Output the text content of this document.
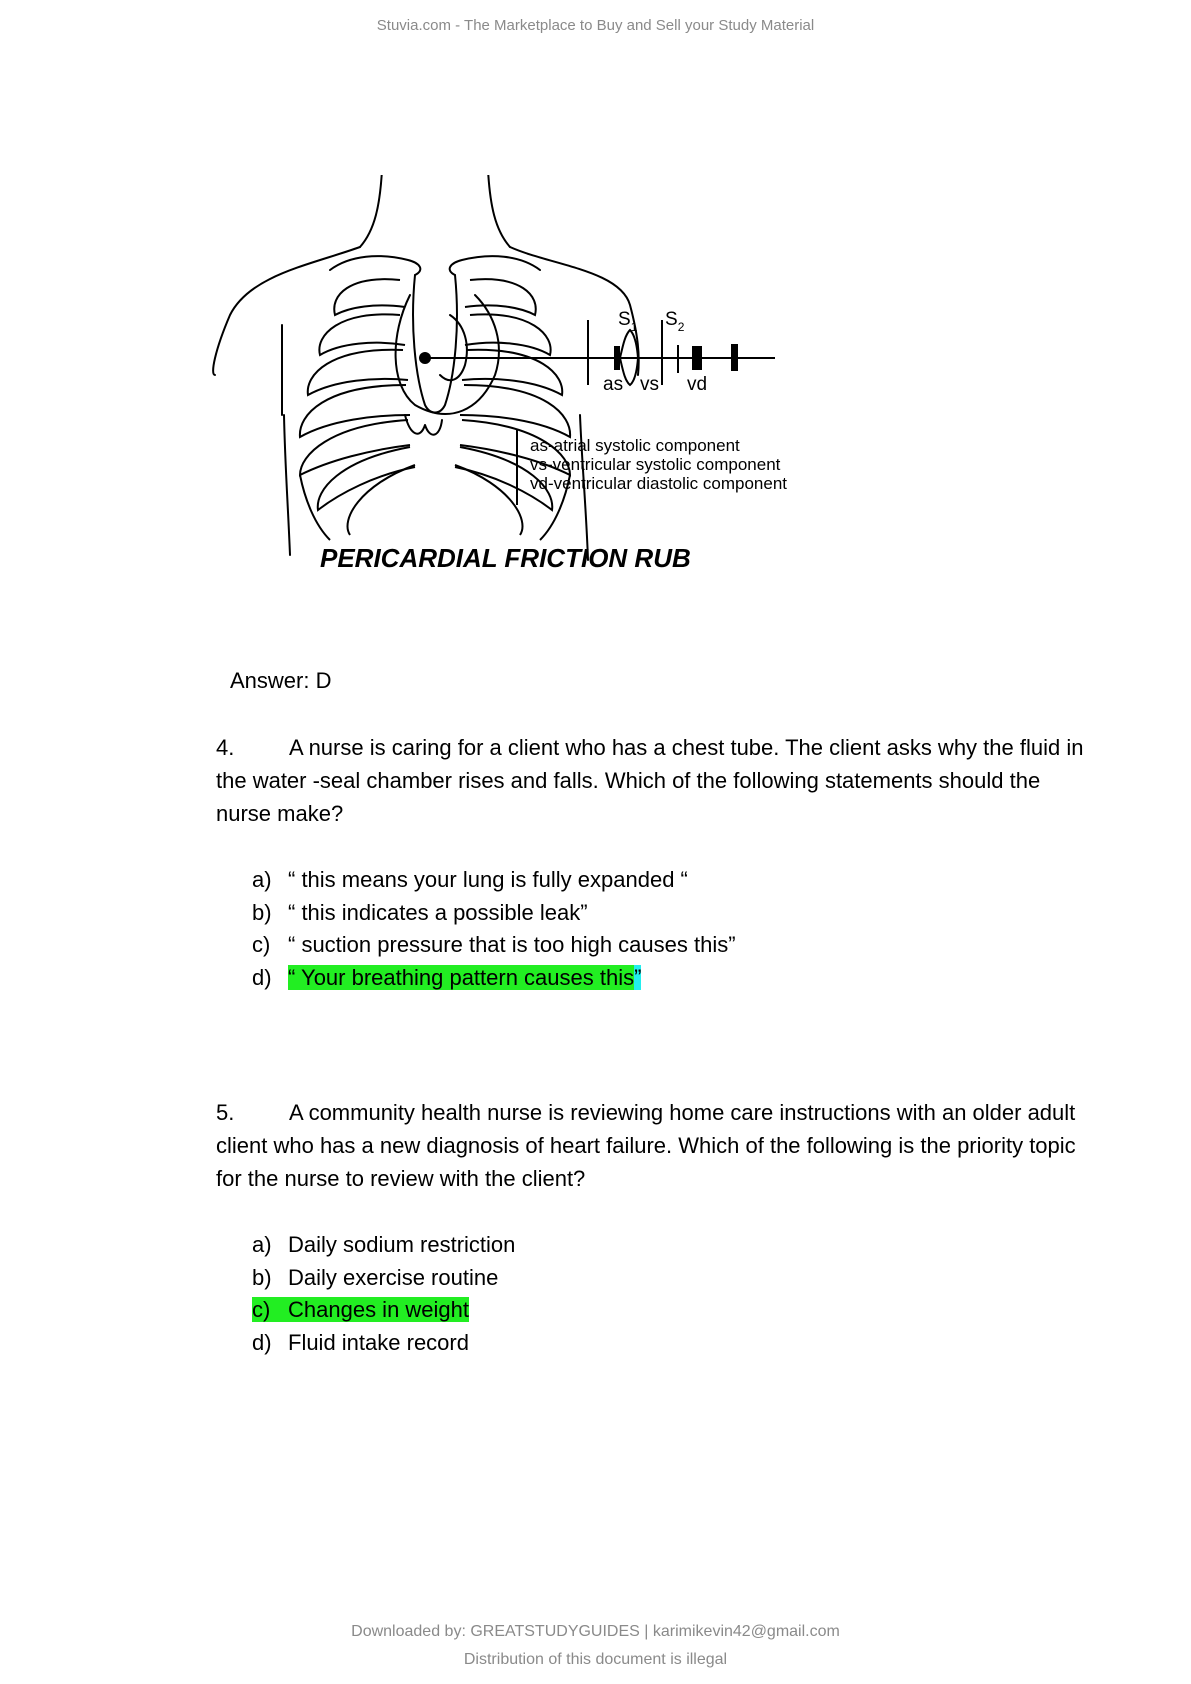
Stuvia.com - The Marketplace to Buy and Sell your Study Material
$S_1$ $S_2$
as vs vd
as-atrial systolic component
vs-ventricular systolic component
vd-ventricular diastolic component
PERICARDIAL FRICTION RUB
Answer: D
4. A nurse is caring for a client who has a chest tube. The client asks why the fluid in the water -seal chamber rises and falls. Which of the following statements should the nurse make?
a) “ this means your lung is fully expanded “
b) “ this indicates a possible leak”
c) “ suction pressure that is too high causes this”
d) “ Your breathing pattern causes this”
5. A community health nurse is reviewing home care instructions with an older adult client who has a new diagnosis of heart failure. Which of the following is the priority topic for the nurse to review with the client?
a) Daily sodium restriction
b) Daily exercise routine
c) Changes in weight
d) Fluid intake record
Downloaded by: GREATSTUDYGUIDES | karimikevin42@gmail.com
Distribution of this document is illegal
